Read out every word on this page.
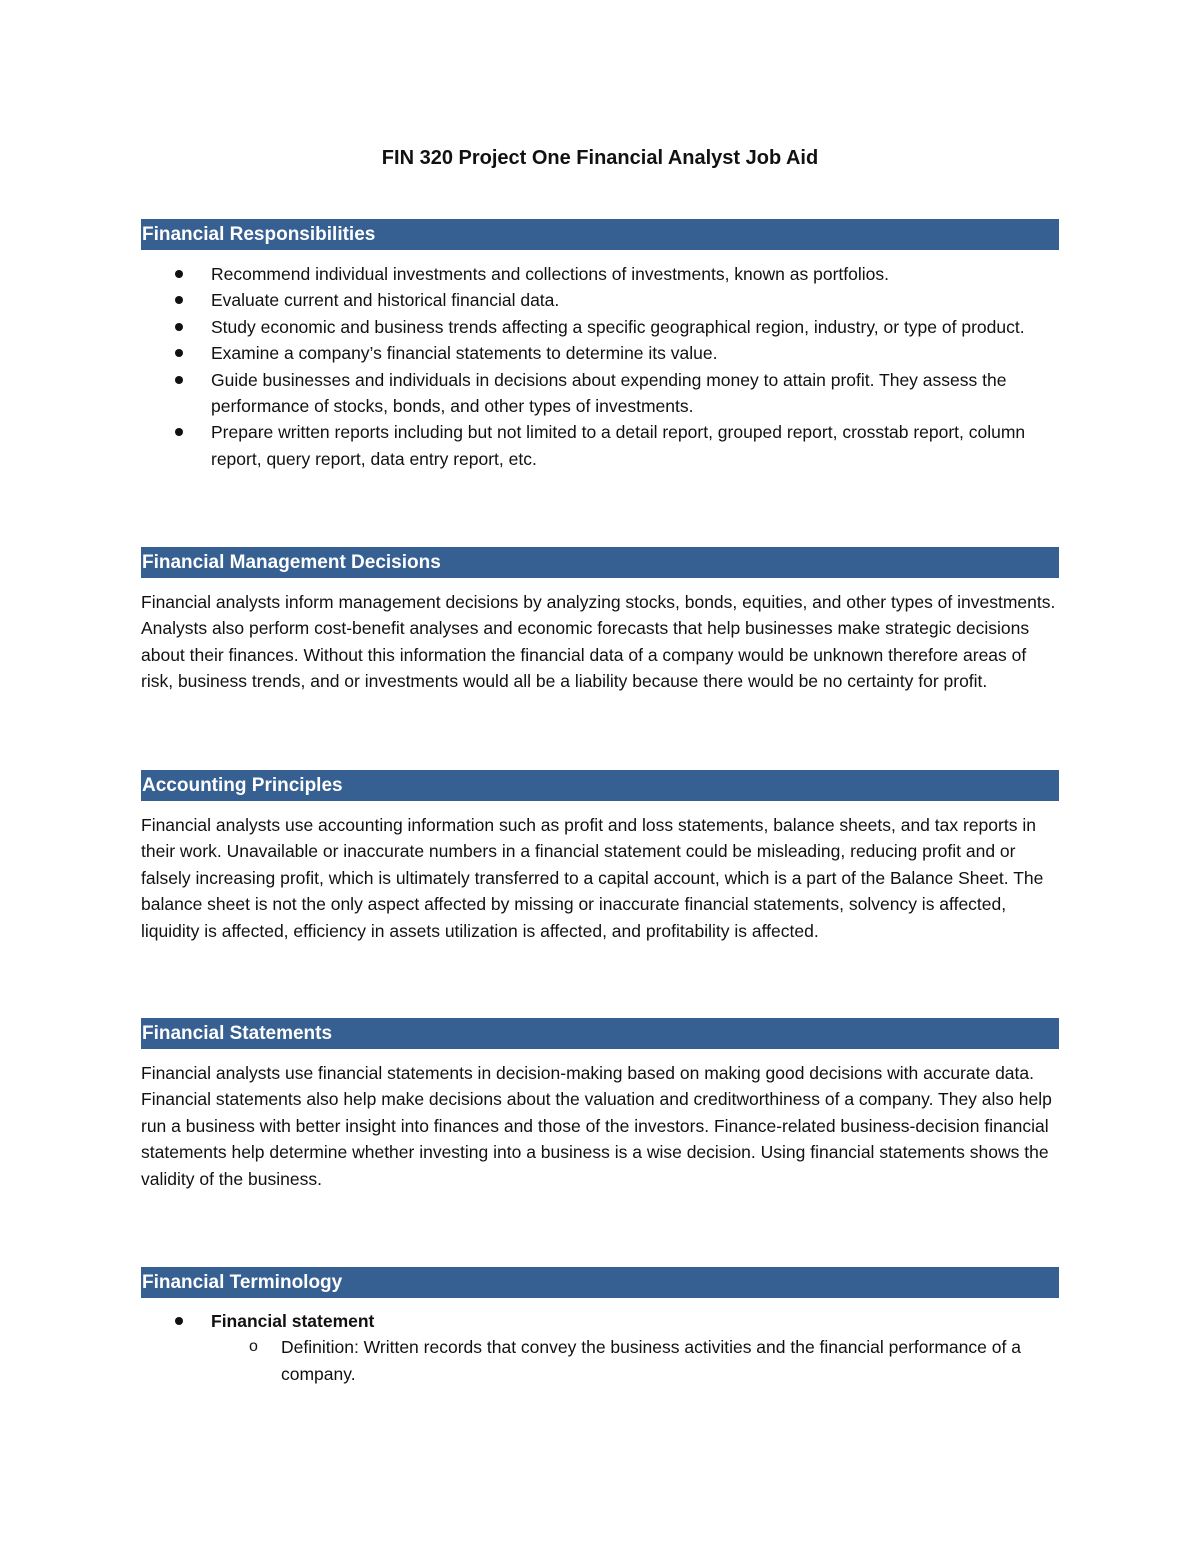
FIN 320 Project One Financial Analyst Job Aid
Financial Responsibilities
Recommend individual investments and collections of investments, known as portfolios.
Evaluate current and historical financial data.
Study economic and business trends affecting a specific geographical region, industry, or type of product.
Examine a company’s financial statements to determine its value.
Guide businesses and individuals in decisions about expending money to attain profit. They assess the performance of stocks, bonds, and other types of investments.
Prepare written reports including but not limited to a detail report, grouped report, crosstab report, column report, query report, data entry report, etc.
Financial Management Decisions

Financial analysts inform management decisions by analyzing stocks, bonds, equities, and other types of investments. Analysts also perform cost-benefit analyses and economic forecasts that help businesses make strategic decisions about their finances. Without this information the financial data of a company would be unknown therefore areas of risk, business trends, and or investments would all be a liability because there would be no certainty for profit.

Accounting Principles

Financial analysts use accounting information such as profit and loss statements, balance sheets, and tax reports in their work. Unavailable or inaccurate numbers in a financial statement could be misleading, reducing profit and or falsely increasing profit, which is ultimately transferred to a capital account, which is a part of the Balance Sheet. The balance sheet is not the only aspect affected by missing or inaccurate financial statements, solvency is affected, liquidity is affected, efficiency in assets utilization is affected, and profitability is affected.

Financial Statements

Financial analysts use financial statements in decision-making based on making good decisions with accurate data. Financial statements also help make decisions about the valuation and creditworthiness of a company. They also help run a business with better insight into finances and those of the investors. Finance-related business-decision financial statements help determine whether investing into a business is a wise decision. Using financial statements shows the validity of the business.

Financial Terminology
Financial statement
o Definition: Written records that convey the business activities and the financial performance of a company.
